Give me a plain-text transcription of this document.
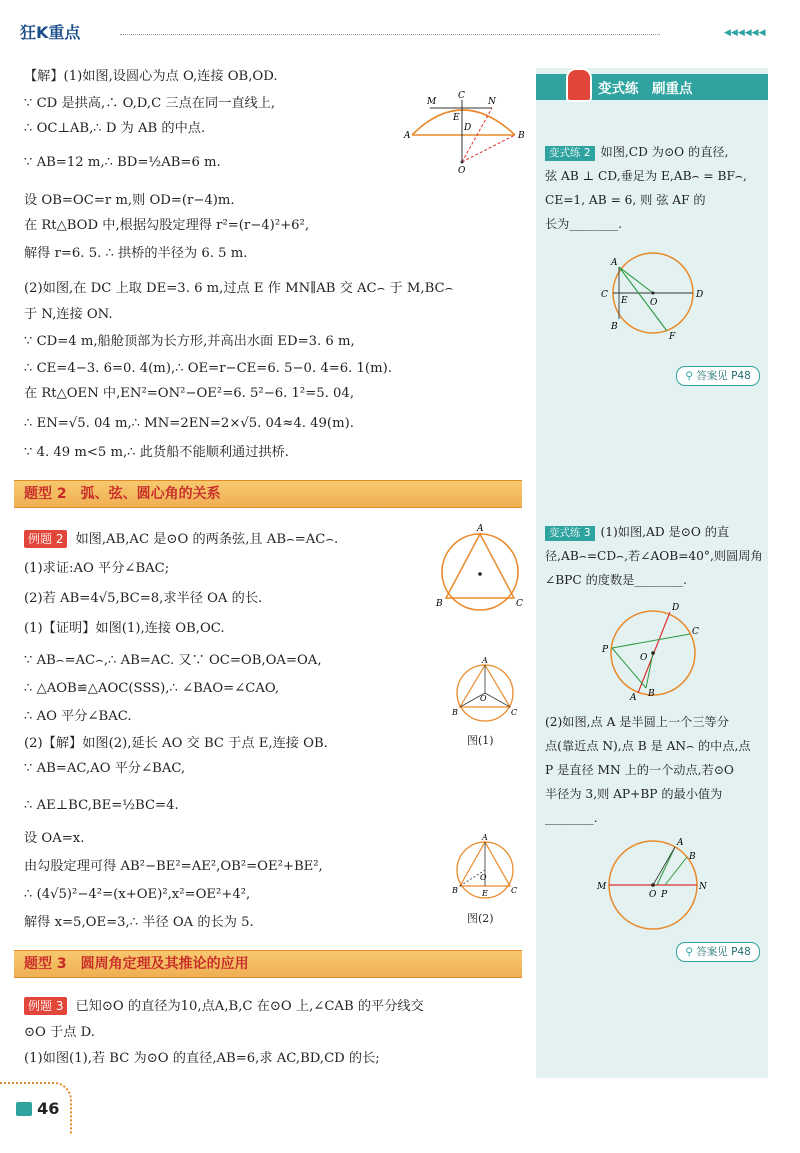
狂K重点	◀◀◀◀◀◀
【解】(1)如图,设圆心为点 O,连接 OB,OD.
∵ CD 是拱高,∴ O,D,C 三点在同一直线上,
∴ OC⊥AB,∴ D 为 AB 的中点.
∵ AB=12 m,∴ BD=½AB=6 m.
设 OB=OC=r m,则 OD=(r−4)m.
在 Rt△BOD 中,根据勾股定理得 r²=(r−4)²+6²,
解得 r=6. 5. ∴ 拱桥的半径为 6. 5 m.
(2)如图,在 DC 上取 DE=3. 6 m,过点 E 作 MN∥AB 交 AC⌢ 于 M,BC⌢
于 N,连接 ON.
∵ CD=4 m,船舱顶部为长方形,并高出水面 ED=3. 6 m,
∴ CE=4−3. 6=0. 4(m),∴ OE=r−CE=6. 5−0. 4=6. 1(m).
在 Rt△OEN 中,EN²=ON²−OE²=6. 5²−6. 1²=5. 04,
∴ EN=√5. 04 m,∴ MN=2EN=2×√5. 04≈4. 49(m).
∵ 4. 49 m<5 m,∴ 此货船不能顺利通过拱桥.
M
C
N
E
D
A	B
O
题型 2　弧、弦、圆心角的关系
例题 2 如图,AB,AC 是⊙O 的两条弦,且 AB⌢=AC⌢.
(1)求证:AO 平分∠BAC;
(2)若 AB=4√5,BC=8,求半径 OA 的长.
(1)【证明】如图(1),连接 OB,OC.
∵ AB⌢=AC⌢,∴ AB=AC. 又∵ OC=OB,OA=OA,
∴ △AOB≌△AOC(SSS),∴ ∠BAO=∠CAO,
∴ AO 平分∠BAC.
(2)【解】如图(2),延长 AO 交 BC 于点 E,连接 OB.
∵ AB=AC,AO 平分∠BAC,
∴ AE⊥BC,BE=½BC=4.
设 OA=x.
由勾股定理可得 AB²−BE²=AE²,OB²=OE²+BE²,
∴ (4√5)²−4²=(x+OE)²,x²=OE²+4²,
解得 x=5,OE=3,∴ 半径 OA 的长为 5.
A
B	C
A
O
B	C
图(1)
A
O
B	C
E
图(2)
题型 3　圆周角定理及其推论的应用
例题 3 已知⊙O 的直径为10,点A,B,C 在⊙O 上,∠CAB 的平分线交
⊙O 于点 D.
(1)如图(1),若 BC 为⊙O 的直径,AB=6,求 AC,BD,CD 的长;
变式练　刷重点
变式练 2 如图,CD 为⊙O 的直径,
弦 AB ⊥ CD,垂足为 E,AB⌢ = BF⌢,
CE=1, AB = 6, 则 弦 AF 的
长为________.
A
C
E O
D
B
F
⚲ 答案见 P48
变式练 3 (1)如图,AD 是⊙O 的直
径,AB⌢=CD⌢,若∠AOB=40°,则圆周角
∠BPC 的度数是________.
D
C
P
O
B
A
(2)如图,点 A 是半圆上一个三等分
点(靠近点 N),点 B 是 AN⌢ 的中点,点
P 是直径 MN 上的一个动点,若⊙O
半径为 3,则 AP+BP 的最小值为
________.
A
B
M	N
O P
⚲ 答案见 P48
46
